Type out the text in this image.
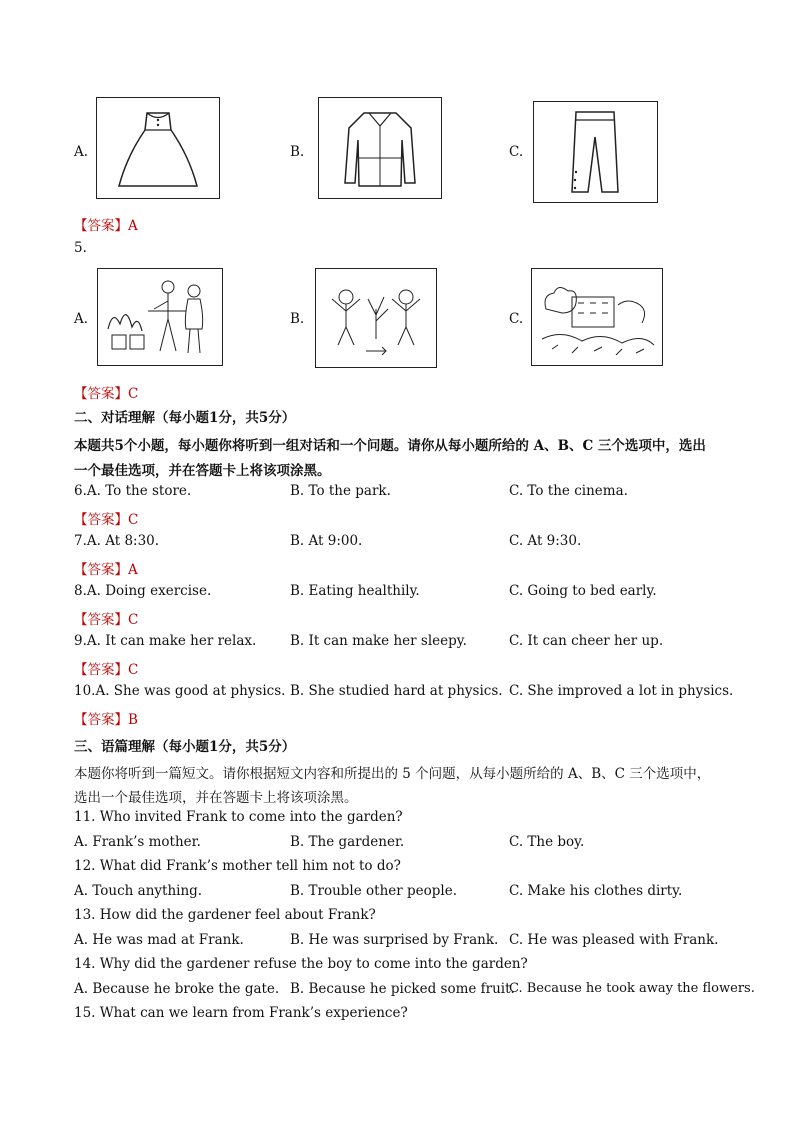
A.	B.	C.
【答案】A
5.
A.	B.	C.
【答案】C
二、对话理解（每小题1分，共5分）
本题共5个小题，每小题你将听到一组对话和一个问题。请你从每小题所给的 A、B、C 三个选项中，选出
一个最佳选项，并在答题卡上将该项涂黑。
6.A. To the store.	B. To the park.	C. To the cinema.
【答案】C
7.A. At 8:30.	B. At 9:00.	C. At 9:30.
【答案】A
8.A. Doing exercise.	B. Eating healthily.	C. Going to bed early.
【答案】C
9.A. It can make her relax. B. It can make her sleepy.	C. It can cheer her up.
【答案】C
10.A. She was good at physics. B. She studied hard at physics. C. She improved a lot in physics.
【答案】B
三、语篇理解（每小题1分，共5分）
本题你将听到一篇短文。请你根据短文内容和所提出的 5 个问题，从每小题所给的 A、B、C 三个选项中，
选出一个最佳选项，并在答题卡上将该项涂黑。
11. Who invited Frank to come into the garden?
A. Frank’s mother.	B. The gardener.	C. The boy.
12. What did Frank’s mother tell him not to do?
A. Touch anything.	B. Trouble other people.	C. Make his clothes dirty.
13. How did the gardener feel about Frank?
A. He was mad at Frank.	B. He was surprised by Frank. C. He was pleased with Frank.
14. Why did the gardener refuse the boy to come into the garden?
A. Because he broke the gate. B. Because he picked some fruit.
C. Because he took away the flowers.
15. What can we learn from Frank’s experience?
